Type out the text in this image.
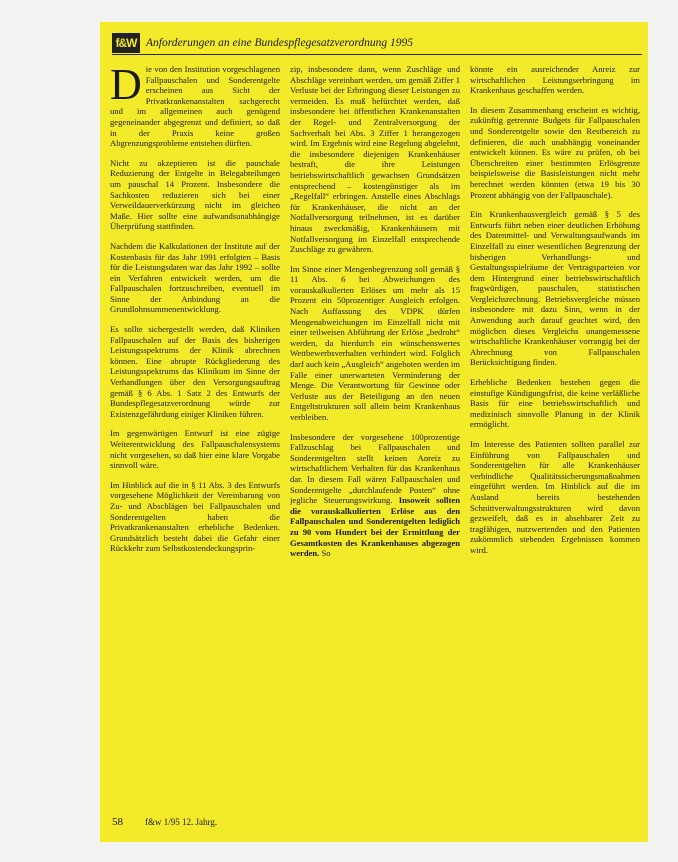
f&W Anforderungen an eine Bundespflegesatzverordnung 1995

Die von den Institution vorgeschlagenen Fallpauschalen und Sonderentgelte erscheinen aus Sicht der Privatkrankenanstalten sachgerecht und im allgemeinen auch genügend gegeneinander abgegrenzt und definiert, so daß in der Praxis keine großen Abgrenzungsprobleme entstehen dürften.

Nicht zu akzeptieren ist die pauschale Reduzierung der Entgelte in Belegabteilungen um pauschal 14 Prozent. Insbesondere die Sachkosten reduzieren sich bei einer Verweildauerverkürzung nicht im gleichen Maße. Hier sollte eine aufwandsunabhängige Überprüfung stattfinden.

Nachdem die Kalkulationen der Institute auf der Kostenbasis für das Jahr 1991 erfolgten – Basis für die Leistungsdaten war das Jahr 1992 – sollte ein Verfahren entwickelt werden, um die Fallpauschalen fortzuschreiben, eventuell im Sinne der Anbindung an die Grundlohnsummenentwicklung.

Es sollte sichergestellt werden, daß Kliniken Fallpauschalen auf der Basis des bisherigen Leistungsspektrums der Klinik abrechnen können. Eine abrupte Rückgliederung des Leistungsspektrums das Klinikum im Sinne der Verhandlungen über den Versorgungsauftrag gemäß § 6 Abs. 1 Satz 2 des Entwurfs der Bundespflegesatzverordnung würde zur Existenzgefährdung einiger Kliniken führen.

Im gegenwärtigen Entwurf ist eine zügige Weiterentwicklung des Fallpauschalensystems nicht vorgesehen, so daß hier eine klare Vorgabe sinnvoll wäre.

Im Hinblick auf die in § 11 Abs. 3 des Entwurfs vorgesehene Möglichkeit der Vereinbarung von Zu- und Abschlägen bei Fallpauschalen und Sonderentgelten haben die Privatkrankenanstalten erhebliche Bedenken. Grundsätzlich besteht dabei die Gefahr einer Rückkehr zum Selbstkostendeckungsprin-

zip, insbesondere dann, wenn Zuschläge und Abschläge vereinbart werden, um gemäß Ziffer 1 Verluste bei der Erbringung dieser Leistungen zu vermeiden. Es muß befürchtet werden, daß insbesondere bei öffentlichen Krankenanstalten der Regel- und Zentralversorgung der Sachverhalt bei Abs. 3 Ziffer 1 herangezogen wird. Im Ergebnis wird eine Regelung abgelehnt, die insbesondere diejenigen Krankenhäuser bestraft, die ihre Leistungen betriebswirtschaftlich gewachsen Grundsätzen entsprechend – kostengünstiger als im „Regelfall“ erbringen. Anstelle eines Abschlags für Krankenhäuser, die nicht an der Notfallversorgung teilnehmen, ist es darüber hinaus zweckmäßig, Krankenhäusern mit Notfallversorgung im Einzelfall entsprechende Zuschläge zu gewähren.

Im Sinne einer Mengenbegrenzung soll gemäß § 11 Abs. 6 bei Abweichungen des vorauskalkulierten Erlöses um mehr als 15 Prozent ein 50prozentiger Ausgleich erfolgen. Nach Auffassung des VDPK dürfen Mengenabweichungen im Einzelfall nicht mit einer teilweisen Abführung der Erlöse „bedroht“ werden, da hierdurch ein wünschenswertes Wettbewerbsverhalten verhindert wird. Folglich darf auch kein „Ausgleich“ angeboten werden im Falle einer unerwarteten Verminderung der Menge. Die Verantwortung für Gewinne oder Verluste aus der Beteiligung an den neuen Entgeltstrukturen soll allein beim Krankenhaus verbleiben.

Insbesondere der vorgesehene 100prozentige Fallzuschlag bei Fallpauschalen und Sonderentgelten stellt keinen Anreiz zu wirtschaftlichem Verhalten für das Krankenhaus dar. In diesem Fall wären Fallpauschalen und Sonderentgelte „durchlaufende Posten“ ohne jegliche Steuerungswirkung. Insoweit sollten die vorauskalkulierten Erlöse aus den Fallpauschalen und Sonderentgelten lediglich zu 90 vom Hundert bei der Ermittlung der Gesamtkosten des Krankenhauses abgezogen werden. So

könnte ein ausreichender Anreiz zur wirtschaftlichen Leistungserbringung im Krankenhaus geschaffen werden.

In diesem Zusammenhang erscheint es wichtig, zukünftig getrennte Budgets für Fallpauschalen und Sonderentgelte sowie den Restbereich zu definieren, die auch unabhängig voneinander entwickelt können. Es wäre zu prüfen, ob bei Überschreiten einer bestimmten Erlösgrenze beispielsweise die Basisleistungen nicht mehr berechnet werden könnten (etwa 19 bis 30 Prozent abhängig von der Fallpauschale).

Ein Krankenhausvergleich gemäß § 5 des Entwurfs führt neben einer deutlichen Erhöhung des Datenmittel- und Verwaltungsaufwands im Einzelfall zu einer wesentlichen Begrenzung der bisherigen Verhandlungs- und Gestaltungsspielräume der Vertragsparteien vor dem Hintergrund einer betriebswirtschaftlich fragwürdigen, pauschalen, statistischen Vergleichsrechnung. Betriebsvergleiche müssen insbesondere mit dazu Sinn, wenn in der Anwendung auch darauf geachtet wird, den möglichen dieses Vergleichs unangemessene wirtschaftliche Krankenhäuser vorrangig bei der Abrechnung von Fallpauschalen Berücksichtigung finden.

Erhebliche Bedenken bestehen gegen die einstufige Kündigungsfrist, die keine verläßliche Basis für eine betriebswirtschaftlich und medizinisch sinnvolle Planung in der Klinik ermöglicht.

Im Interesse des Patienten sollten parallel zur Einführung von Fallpauschalen und Sonderentgelten für alle Krankenhäuser verbindliche Qualitätssicherungsmaßnahmen eingeführt werden. Im Hinblick auf die im Ausland bereits bestehenden Schnittverwaltungsstrukturen wird davon gezweifelt, daß es in absehbarer Zeit zu tragfähigen, nutzwertenden und den Patienten zukömmlich stehenden Ergebnissen kommen wird.

58 f&w 1/95 12. Jahrg.
